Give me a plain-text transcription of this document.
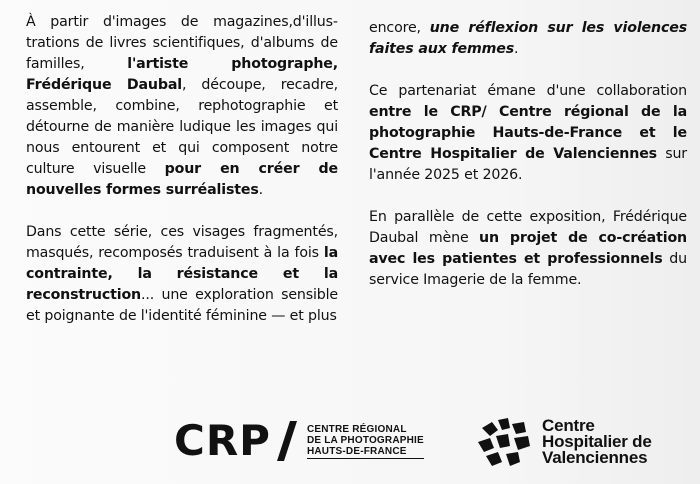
À partir d'images de magazines,d'illustrations de livres scientifiques, d'albums de familles, l'artiste photographe, Frédérique Daubal, découpe, recadre, assemble, combine, rephotographie et détourne de manière ludique les images qui nous entourent et qui composent notre culture visuelle pour en créer de nouvelles formes surréalistes.

Dans cette série, ces visages fragmentés, masqués, recomposés traduisent à la fois la contrainte, la résistance et la reconstruction... une exploration sensible et poignante de l'identité féminine — et plus

encore, une réflexion sur les violences faites aux femmes.

Ce partenariat émane d'une collaboration entre le CRP/ Centre régional de la photographie Hauts-de-France et le Centre Hospitalier de Valenciennes sur l'année 2025 et 2026.

En parallèle de cette exposition, Frédérique Daubal mène un projet de co-création avec les patientes et professionnels du service Imagerie de la femme.

CRP	CENTRE RÉGIONAL
DE LA PHOTOGRAPHIE
HAUTS-DE-FRANCE
Centre
Hospitalier de
Valenciennes
